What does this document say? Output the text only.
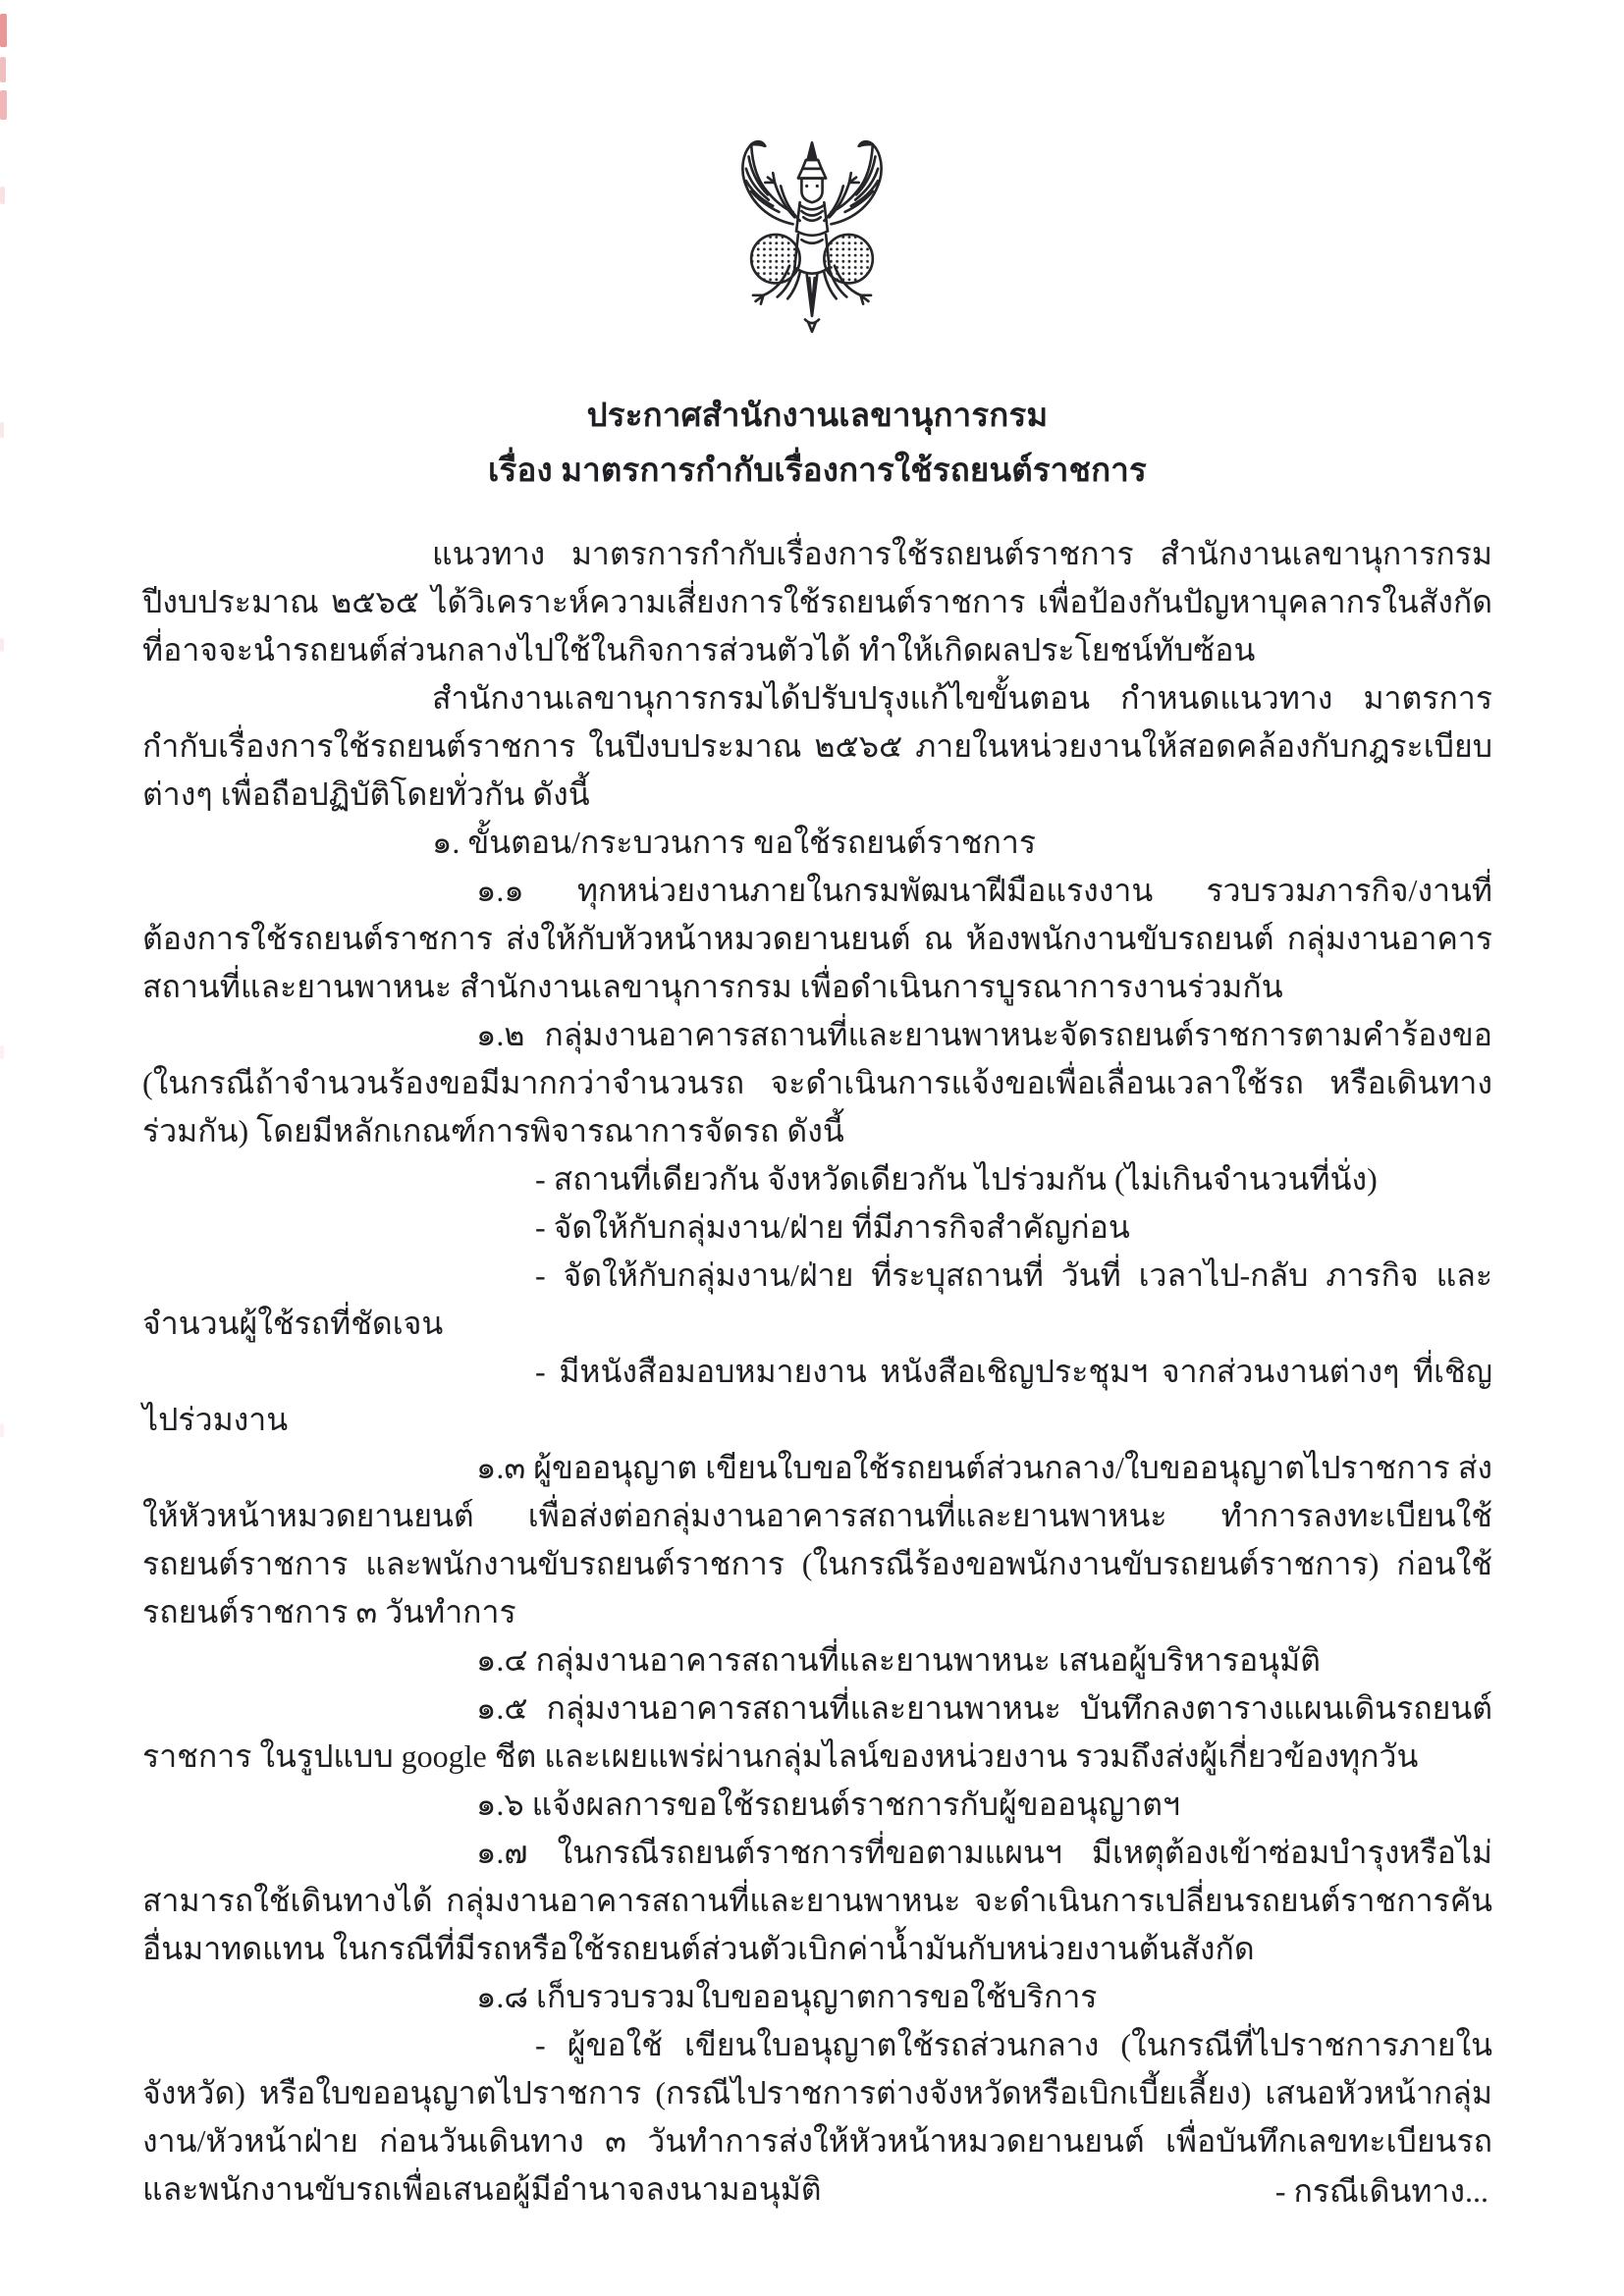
ประกาศสำนักงานเลขานุการกรม
เรื่อง มาตรการกำกับเรื่องการใช้รถยนต์ราชการ

แนวทาง มาตรการกำกับเรื่องการใช้รถยนต์ราชการ สำนักงานเลขานุการกรม ปีงบประมาณ ๒๕๖๕ ได้วิเคราะห์ความเสี่ยงการใช้รถยนต์ราชการ เพื่อป้องกันปัญหาบุคลากรในสังกัด ที่อาจจะนำรถยนต์ส่วนกลางไปใช้ในกิจการส่วนตัวได้ ทำให้เกิดผลประโยชน์ทับซ้อน

สำนักงานเลขานุการกรมได้ปรับปรุงแก้ไขขั้นตอน กำหนดแนวทาง มาตรการกำกับเรื่องการใช้รถยนต์ราชการ ในปีงบประมาณ ๒๕๖๕ ภายในหน่วยงานให้สอดคล้องกับกฎระเบียบต่างๆ เพื่อถือปฏิบัติโดยทั่วกัน ดังนี้

๑. ขั้นตอน/กระบวนการ ขอใช้รถยนต์ราชการ

๑.๑ ทุกหน่วยงานภายในกรมพัฒนาฝีมือแรงงาน รวบรวมภารกิจ/งานที่ต้องการใช้รถยนต์ราชการ ส่งให้กับหัวหน้าหมวดยานยนต์ ณ ห้องพนักงานขับรถยนต์ กลุ่มงานอาคารสถานที่และยานพาหนะ สำนักงานเลขานุการกรม เพื่อดำเนินการบูรณาการงานร่วมกัน

๑.๒ กลุ่มงานอาคารสถานที่และยานพาหนะจัดรถยนต์ราชการตามคำร้องขอ (ในกรณีถ้าจำนวนร้องขอมีมากกว่าจำนวนรถ จะดำเนินการแจ้งขอเพื่อเลื่อนเวลาใช้รถ หรือเดินทางร่วมกัน) โดยมีหลักเกณฑ์การพิจารณาการจัดรถ ดังนี้

- สถานที่เดียวกัน จังหวัดเดียวกัน ไปร่วมกัน (ไม่เกินจำนวนที่นั่ง)

- จัดให้กับกลุ่มงาน/ฝ่าย ที่มีภารกิจสำคัญก่อน

- จัดให้กับกลุ่มงาน/ฝ่าย ที่ระบุสถานที่ วันที่ เวลาไป-กลับ ภารกิจ และจำนวนผู้ใช้รถที่ชัดเจน

- มีหนังสือมอบหมายงาน หนังสือเชิญประชุมฯ จากส่วนงานต่างๆ ที่เชิญไปร่วมงาน

๑.๓ ผู้ขออนุญาต เขียนใบขอใช้รถยนต์ส่วนกลาง/ใบขออนุญาตไปราชการ ส่งให้หัวหน้าหมวดยานยนต์ เพื่อส่งต่อกลุ่มงานอาคารสถานที่และยานพาหนะ ทำการลงทะเบียนใช้รถยนต์ราชการ และพนักงานขับรถยนต์ราชการ (ในกรณีร้องขอพนักงานขับรถยนต์ราชการ) ก่อนใช้รถยนต์ราชการ ๓ วันทำการ

๑.๔ กลุ่มงานอาคารสถานที่และยานพาหนะ เสนอผู้บริหารอนุมัติ

๑.๕ กลุ่มงานอาคารสถานที่และยานพาหนะ บันทึกลงตารางแผนเดินรถยนต์ราชการ ในรูปแบบ google ชีต และเผยแพร่ผ่านกลุ่มไลน์ของหน่วยงาน รวมถึงส่งผู้เกี่ยวข้องทุกวัน

๑.๖ แจ้งผลการขอใช้รถยนต์ราชการกับผู้ขออนุญาตฯ

๑.๗ ในกรณีรถยนต์ราชการที่ขอตามแผนฯ มีเหตุต้องเข้าซ่อมบำรุงหรือไม่สามารถใช้เดินทางได้ กลุ่มงานอาคารสถานที่และยานพาหนะ จะดำเนินการเปลี่ยนรถยนต์ราชการคันอื่นมาทดแทน ในกรณีที่มีรถหรือใช้รถยนต์ส่วนตัวเบิกค่าน้ำมันกับหน่วยงานต้นสังกัด

๑.๘ เก็บรวบรวมใบขออนุญาตการขอใช้บริการ

- ผู้ขอใช้ เขียนใบอนุญาตใช้รถส่วนกลาง (ในกรณีที่ไปราชการภายในจังหวัด) หรือใบขออนุญาตไปราชการ (กรณีไปราชการต่างจังหวัดหรือเบิกเบี้ยเลี้ยง) เสนอหัวหน้ากลุ่มงาน/หัวหน้าฝ่าย ก่อนวันเดินทาง ๓ วันทำการส่งให้หัวหน้าหมวดยานยนต์ เพื่อบันทึกเลขทะเบียนรถและพนักงานขับรถเพื่อเสนอผู้มีอำนาจลงนามอนุมัติ	- กรณีเดินทาง...
